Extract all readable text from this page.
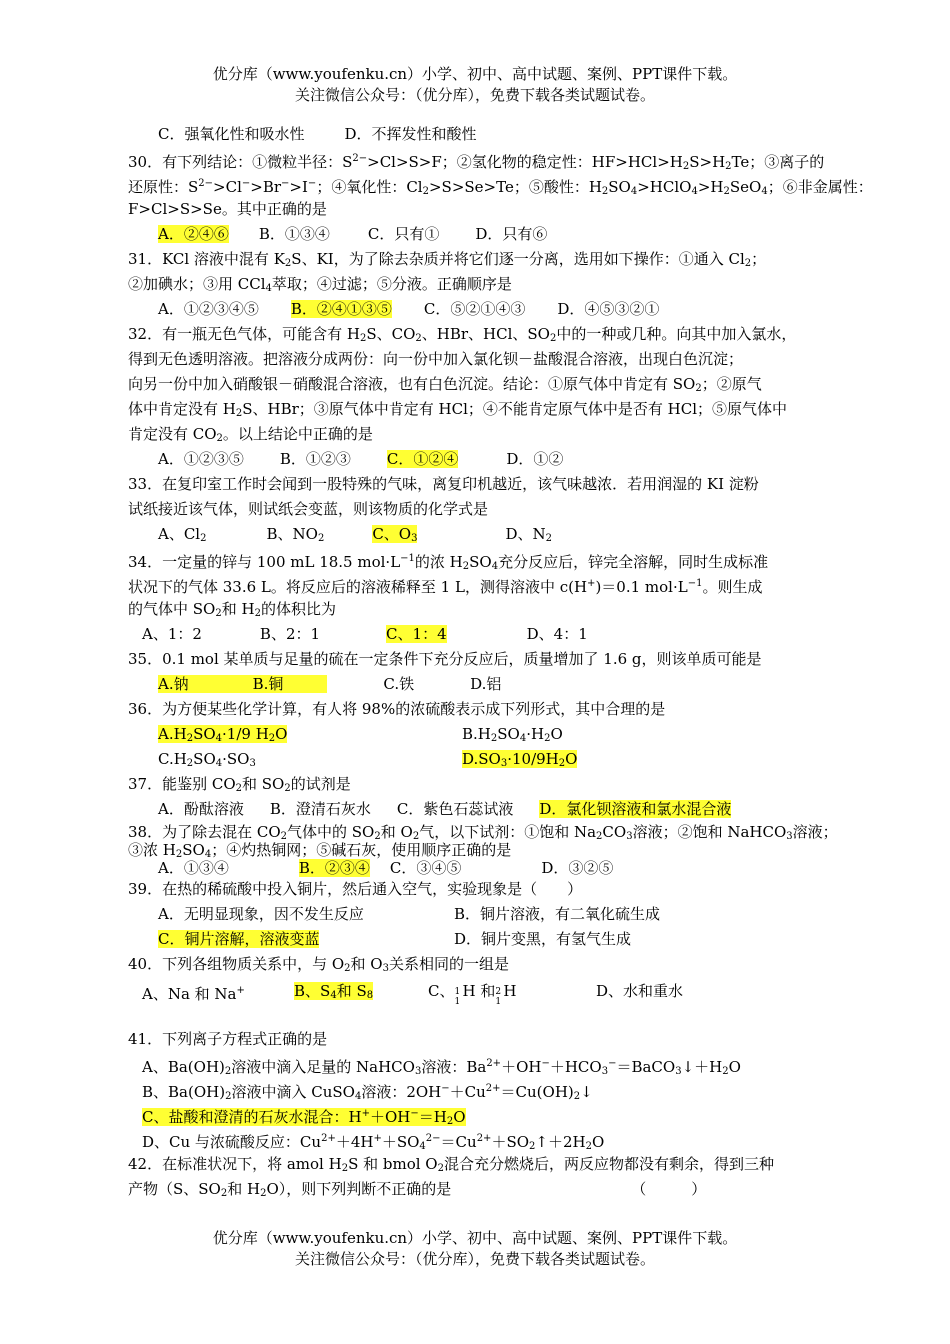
优分库（www.youfenku.cn）小学、初中、高中试题、案例、PPT课件下载。
关注微信公众号：（优分库），免费下载各类试题试卷。
C．强氧化性和吸水性	D．不挥发性和酸性
30．有下列结论：①微粒半径：$S^{2-}>Cl>S>F$；②氢化物的稳定性：$HF>HCl>H_2S>H_2Te$；③离子的
还原性：$S^{2-}>Cl^->Br^->I^-$；④氧化性：$Cl_2>S>Se>Te$；⑤酸性：$H_2SO_4>HClO_4>H_2SeO_4$；⑥非金属性：
F>Cl>S>Se。其中正确的是
A．②④⑥ B．①③④	C．只有① D．只有⑥
31．KCl 溶液中混有 $K_2S$、KI，为了除去杂质并将它们逐一分离，选用如下操作：①通入 $Cl_2$；
②加碘水；③用 CCl$_4$萃取；④过滤；⑤分液。正确顺序是
A．①②③④⑤ B．②④①③⑤ C．⑤②①④③ D．④⑤③②①
32．有一瓶无色气体，可能含有 $H_2S$、$CO_2$、HBr、HCl、$SO_2$中的一种或几种。向其中加入氯水，
得到无色透明溶液。把溶液分成两份：向一份中加入氯化钡－盐酸混合溶液，出现白色沉淀；
向另一份中加入硝酸银－硝酸混合溶液，也有白色沉淀。结论：①原气体中肯定有 $SO_2$；②原气
体中肯定没有 $H_2S$、HBr；③原气体中肯定有 HCl；④不能肯定原气体中是否有 HCl；⑤原气体中
肯定没有 $CO_2$。以上结论中正确的是
A．①②③⑤ B．①②③ C．①②④	D．①②
33．在复印室工作时会闻到一股特殊的气味，离复印机越近，该气味越浓．若用润湿的 KI 淀粉
试纸接近该气体，则试纸会变蓝，则该物质的化学式是
A、$Cl_2$	B、$NO_2$	C、$O_3$	D、$N_2$
34．一定量的锌与 100 mL 18.5 $mol\cdot L^{-1}$的浓 $H_2SO_4$充分反应后，锌完全溶解，同时生成标准
状况下的气体 33.6 L。将反应后的溶液稀释至 1 L，测得溶液中 c(H+)＝0.1 $mol\cdot L^{-1}$。则生成
的气体中 $SO_2$和 $H_2$的体积比为
A、1：2	B、2：1	C、1：4	D、4：1
35．0.1 mol 某单质与足量的硫在一定条件下充分反应后，质量增加了 1.6 g，则该单质可能是
A.钠	B.铜	C.铁	D.铝
36．为方便某些化学计算，有人将 98%的浓硫酸表示成下列形式，其中合理的是
$A.H_2SO_4\cdot 1/9$ $H_2O$	$B.H_2SO_4\cdot H_2O$
$C.H_2SO_4\cdot SO_3$	$D.SO_3\cdot 10/9H_2O$
37．能鉴别 $CO_2$和 $SO_2$的试剂是
A．酚酞溶液 B．澄清石灰水 C．紫色石蕊试液 D．氯化钡溶液和氯水混合液
38．为了除去混在 $CO_2$气体中的 $SO_2$和 $O_2$气，以下试剂：①饱和 $Na_2CO_3$溶液；②饱和 NaHCO$_3$溶液；
③浓 $H_2SO_4$；④灼热铜网；⑤碱石灰，使用顺序正确的是
A．①③④	B．②③④ C．③④⑤	D．③②⑤
39．在热的稀硫酸中投入铜片，然后通入空气，实验现象是（　　）
A．无明显现象，因不发生反应	B．铜片溶液，有二氧化硫生成
C．铜片溶解，溶液变蓝	D．铜片变黑，有氢气生成
40．下列各组物质关系中，与 $O_2$和 $O_3$关系相同的一组是
A、Na 和 Na+	B、$S_4$和 $S_8$	C、 1
1
H 和 2
1
H	D、水和重水
41．下列离子方程式正确的是
A、$Ba(OH)_2$溶液中滴入足量的 NaHCO$_3$溶液：$Ba^{2+}+OH^-+HCO_3^-=BaCO_3↓+H_2O$
B、$Ba(OH)_2$溶液中滴入 CuSO$_4$溶液：$2OH^-+Cu^{2+}=Cu(OH)_2↓$
C、盐酸和澄清的石灰水混合：$H^++OH^-=H_2O$
D、Cu 与浓硫酸反应：$Cu^{2+}+4H^++SO_4^{2-}=Cu^{2+}+SO_2↑+2H_2O$
42．在标准状况下，将 amol $H_2S$ 和 bmol $O_2$混合充分燃烧后，两反应物都没有剩余，得到三种
产物（S、$SO_2$和 $H_2O$），则下列判断不正确的是	（　　　）
优分库（www.youfenku.cn）小学、初中、高中试题、案例、PPT课件下载。
关注微信公众号：（优分库），免费下载各类试题试卷。
